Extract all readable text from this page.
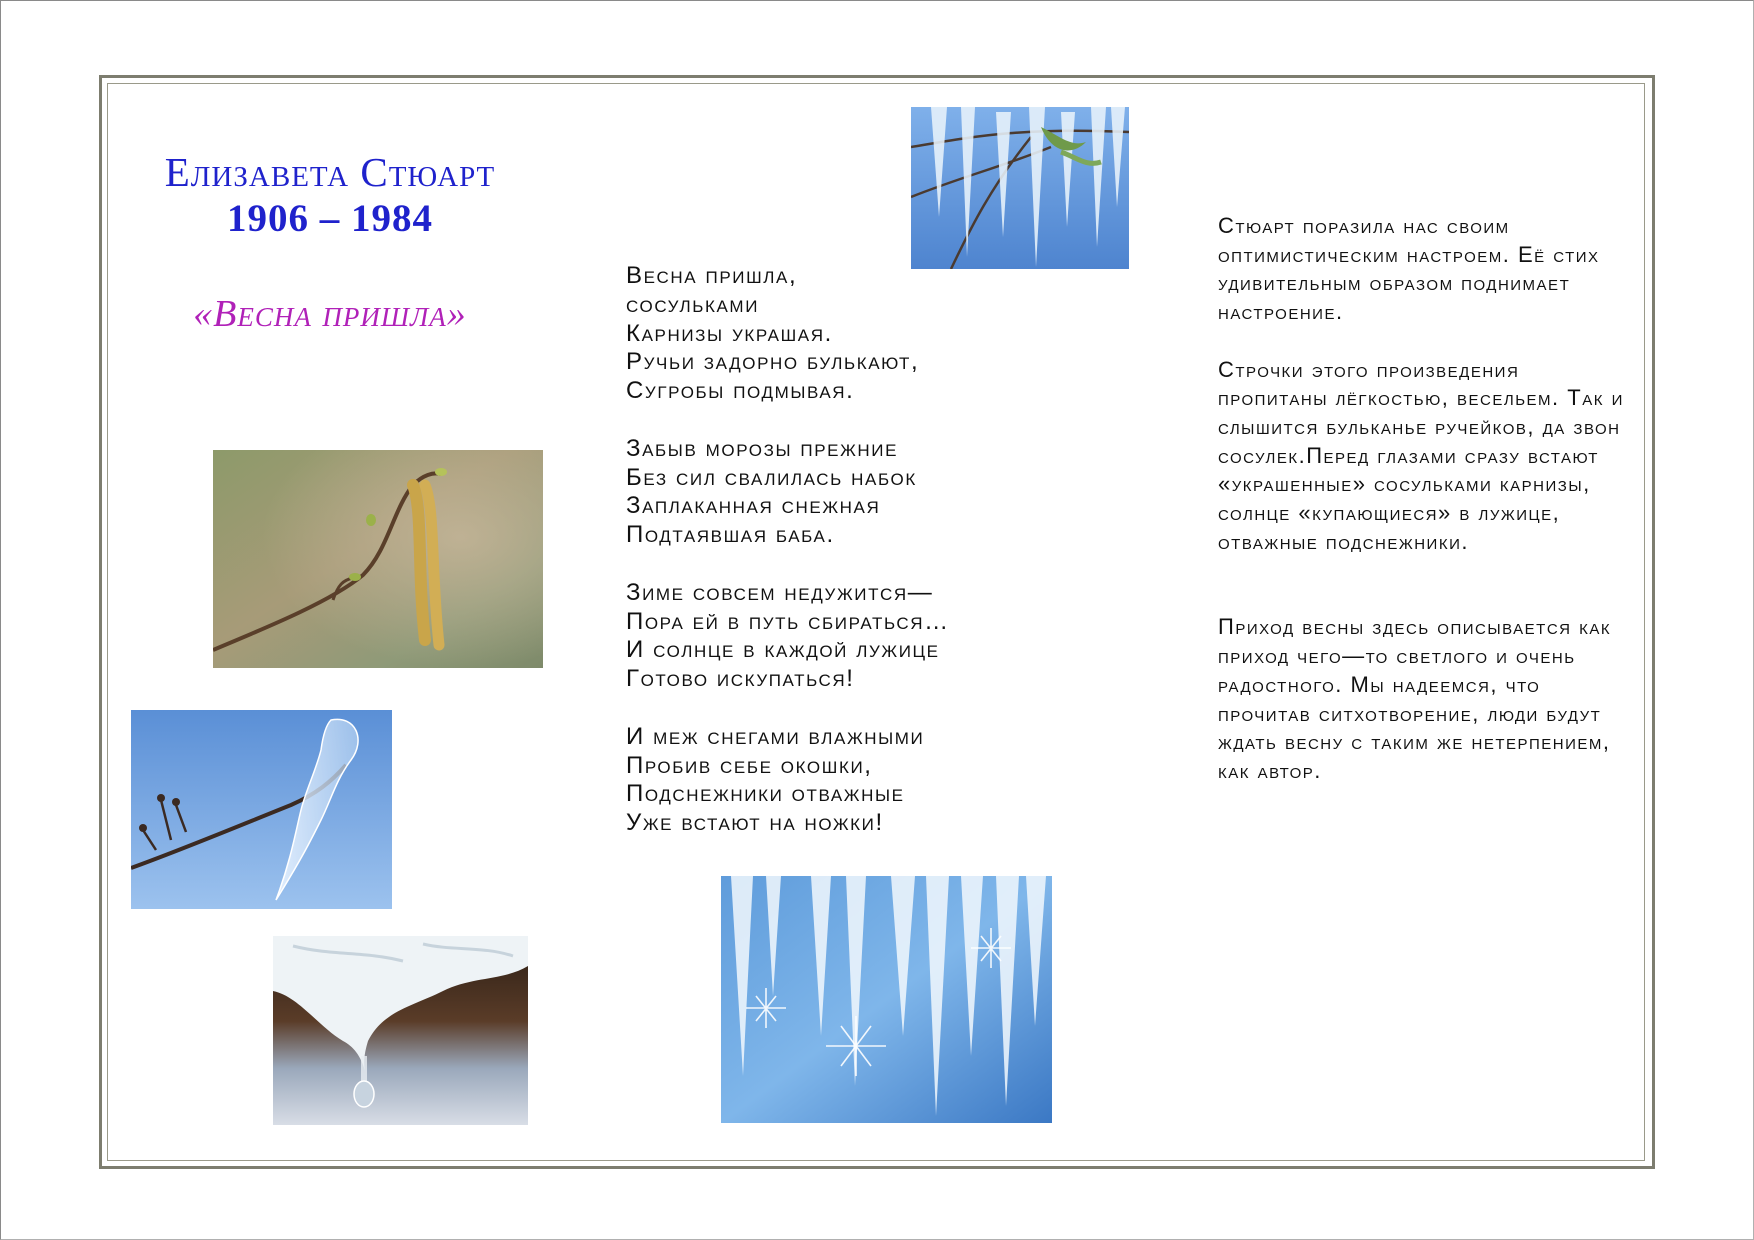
Елизавета Стюарт
1906 – 1984
«Весна пришла»
Весна пришла,
сосульками
Карнизы украшая.
Ручьи задорно булькают,
Сугробы подмывая.
Забыв морозы прежние
Без сил свалилась набок
Заплаканная снежная
Подтаявшая баба.
Зиме совсем недужится—
Пора ей в путь сбираться…
И солнце в каждой лужице
Готово искупаться!
И меж снегами влажными
Пробив себе окошки,
Подснежники отважные
Уже встают на ножки!

Стюарт поразила нас своим оптимистическим настроем. Её стих удивительным образом поднимает настроение.

Строчки этого произведения пропитаны лёгкостью, весельем. Так и слышится бульканье ручейков, да звон сосулек.Перед глазами сразу встают «украшенные» сосульками карнизы, солнце «купающиеся» в лужице, отважные подснежники.

Приход весны здесь описывается как приход чего—то светлого и очень радостного. Мы надеемся, что прочитав ситхотворение, люди будут ждать весну с таким же нетерпением, как автор.
